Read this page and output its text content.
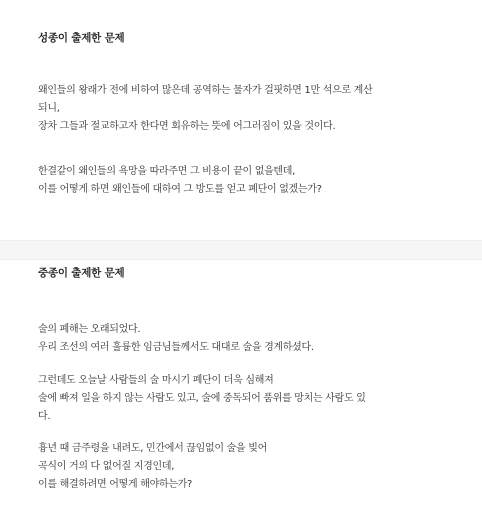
성종이 출제한 문제
왜인들의 왕래가 전에 비하여 많은데 공역하는 물자가 걸핏하면 1만 석으로 계산
되니,
장차 그들과 절교하고자 한다면 회유하는 뜻에 어그러짐이 있을 것이다.
한결같이 왜인들의 욕망을 따라주면 그 비용이 끝이 없을텐데,
이를 어떻게 하면 왜인들에 대하여 그 방도를 얻고 폐단이 없겠는가?
중종이 출제한 문제
술의 폐해는 오래되었다.
우리 조선의 여러 훌륭한 임금님들께서도 대대로 술을 경계하셨다.
그런데도 오늘날 사람들의 술 마시기 폐단이 더욱 심해져
술에 빠져 일을 하지 않는 사람도 있고, 술에 중독되어 품위를 망치는 사람도 있
다.
흉년 때 금주령을 내려도, 민간에서 끊임없이 술을 빚어
곡식이 거의 다 없어질 지경인데,
이를 해결하려면 어떻게 해야하는가?
